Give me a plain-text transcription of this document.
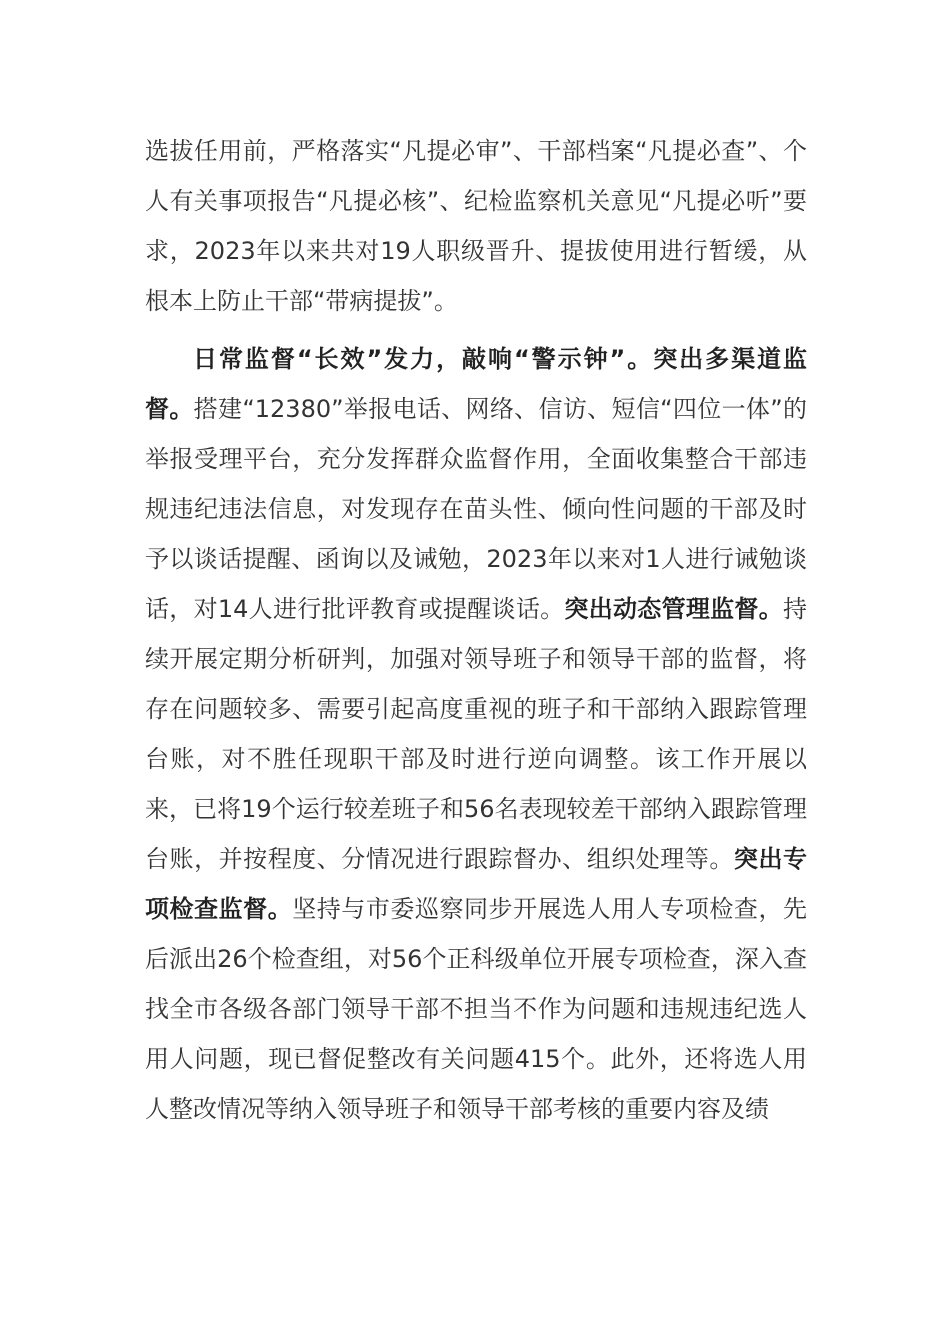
选拔任用前，严格落实“凡提必审”、干部档案“凡提必查”、个人有关事项报告“凡提必核”、纪检监察机关意见“凡提必听”要求，2023年以来共对19人职级晋升、提拔使用进行暂缓，从根本上防止干部“带病提拔”。

日常监督“长效”发力，敲响“警示钟”。突出多渠道监督。搭建“12380”举报电话、网络、信访、短信“四位一体”的举报受理平台，充分发挥群众监督作用，全面收集整合干部违规违纪违法信息，对发现存在苗头性、倾向性问题的干部及时予以谈话提醒、函询以及诫勉，2023年以来对1人进行诫勉谈话，对14人进行批评教育或提醒谈话。突出动态管理监督。持续开展定期分析研判，加强对领导班子和领导干部的监督，将存在问题较多、需要引起高度重视的班子和干部纳入跟踪管理台账，对不胜任现职干部及时进行逆向调整。该工作开展以来，已将19个运行较差班子和56名表现较差干部纳入跟踪管理台账，并按程度、分情况进行跟踪督办、组织处理等。突出专项检查监督。坚持与市委巡察同步开展选人用人专项检查，先后派出26个检查组，对56个正科级单位开展专项检查，深入查找全市各级各部门领导干部不担当不作为问题和违规违纪选人用人问题，现已督促整改有关问题415个。此外，还将选人用人整改情况等纳入领导班子和领导干部考核的重要内容及绩
